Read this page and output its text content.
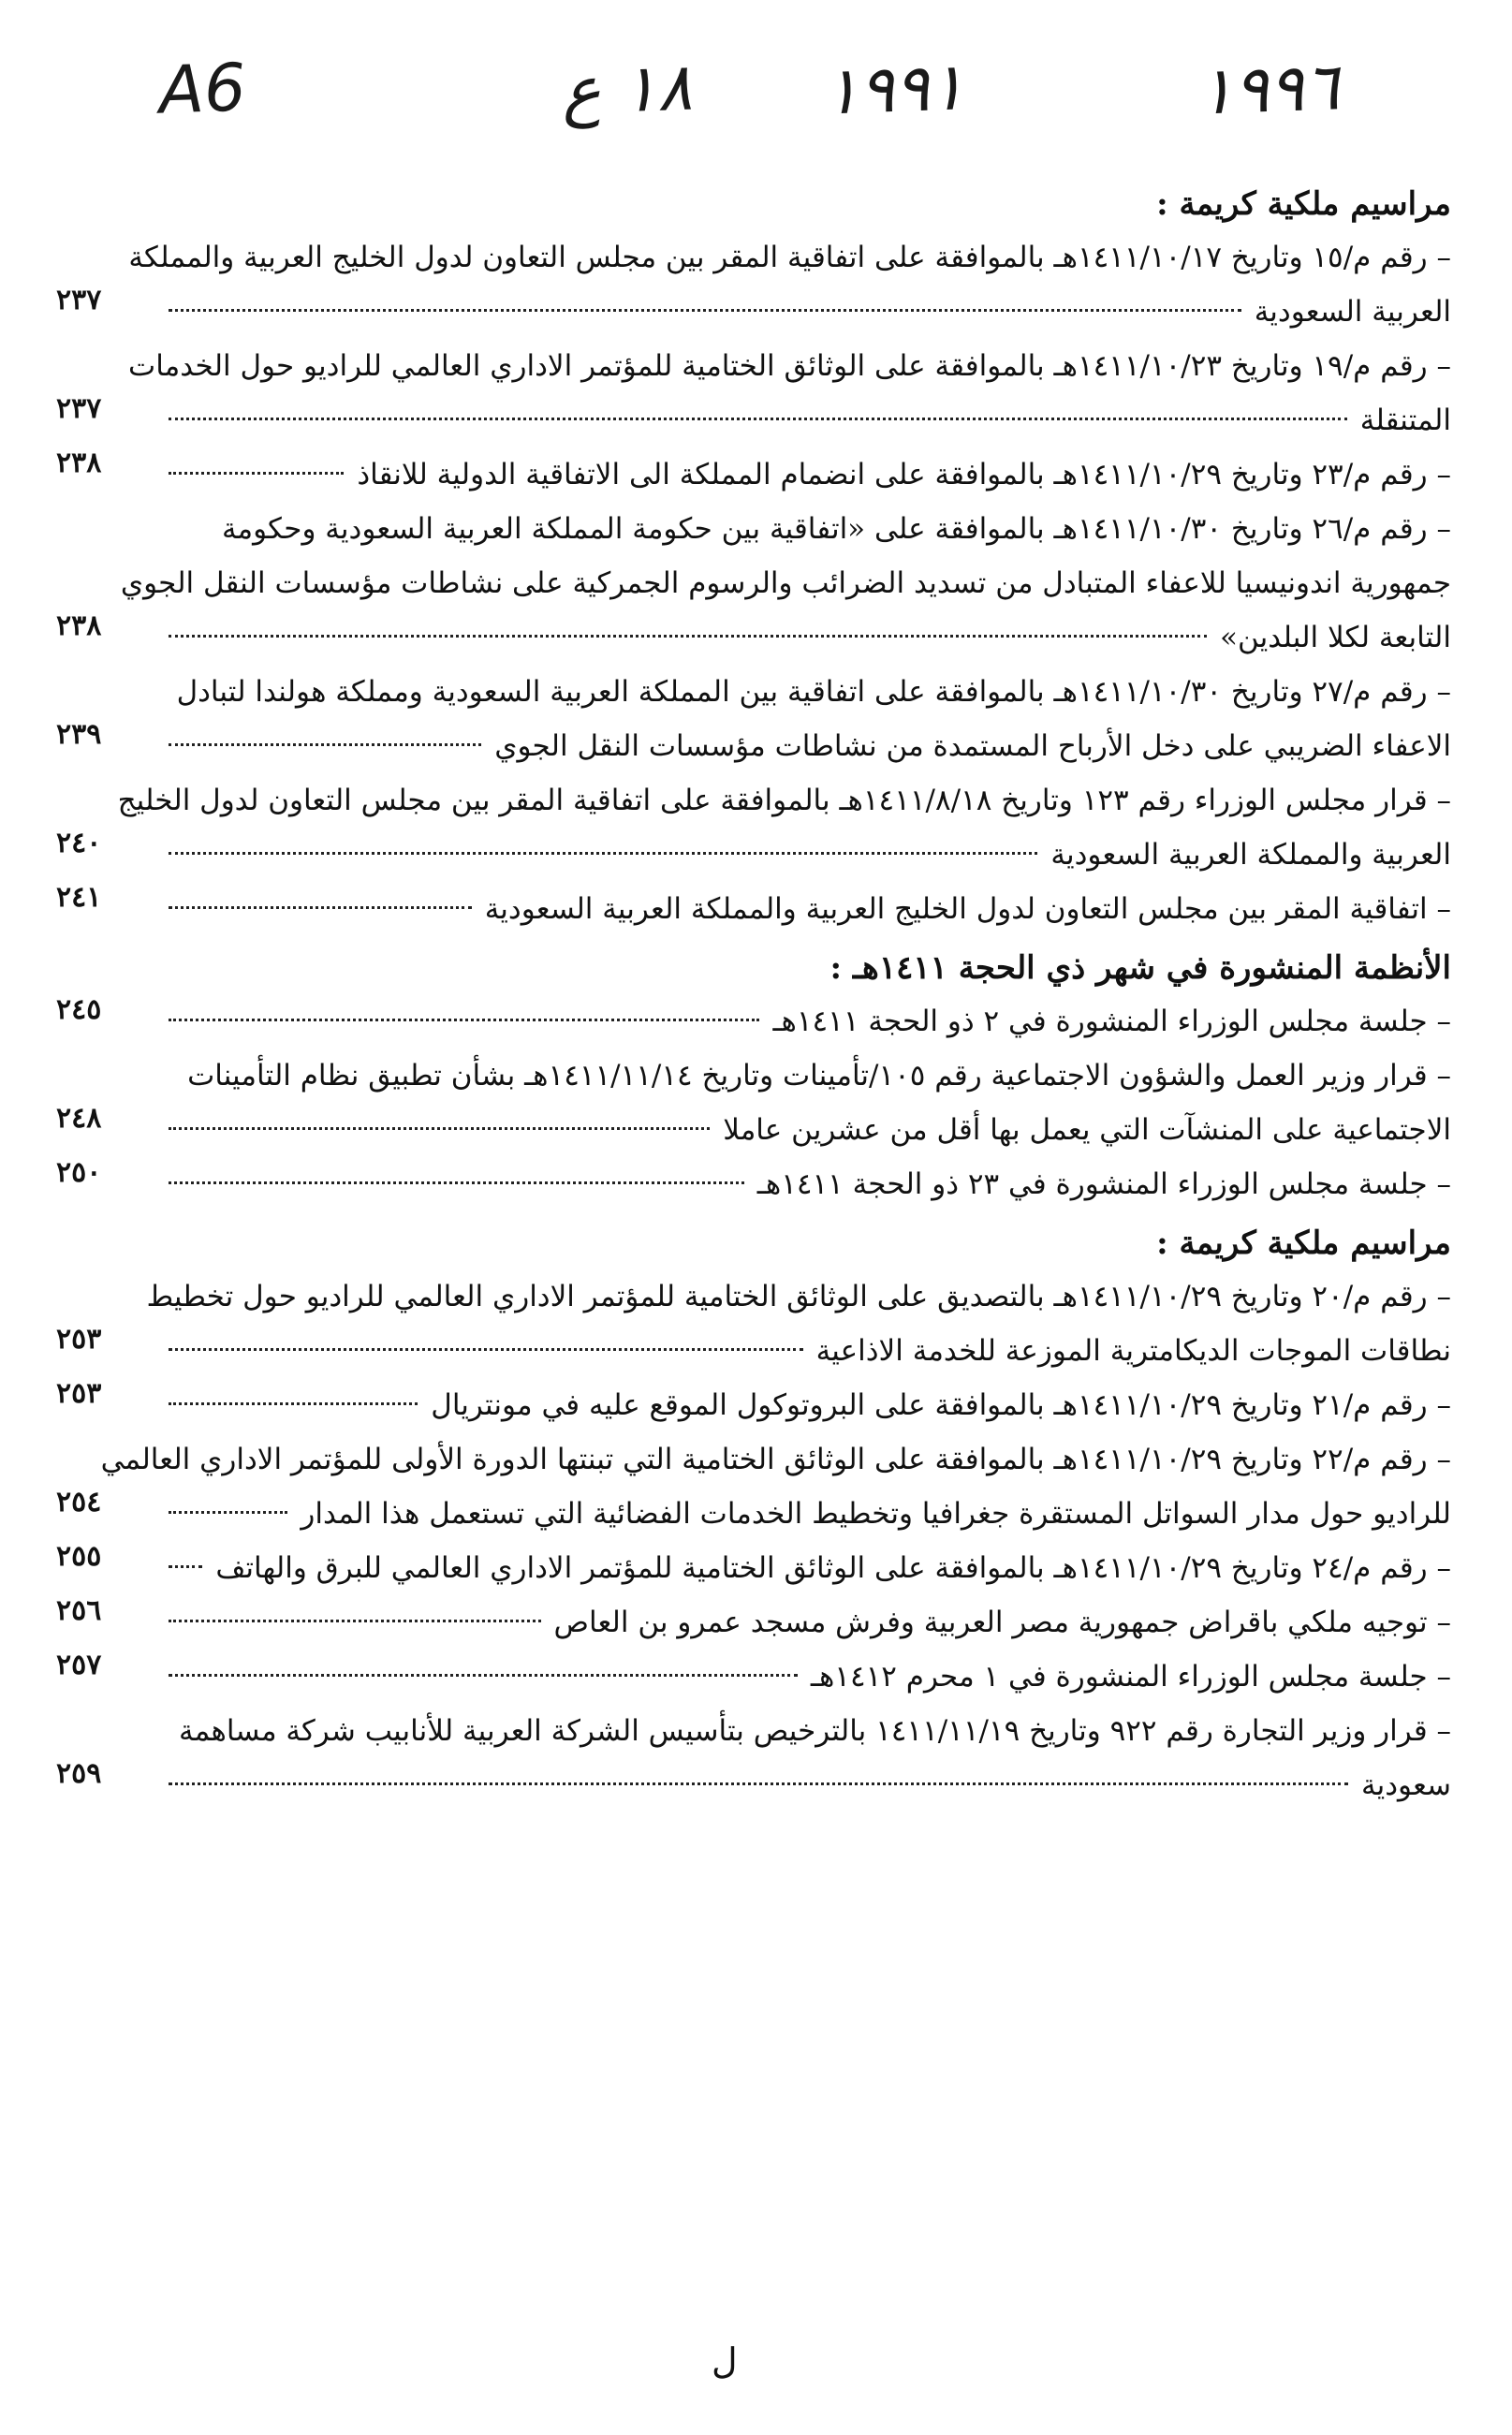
A6	١٨ ع ١٩٩١	١٩٩٦
مراسيم ملكية كريمة :
– رقم م/١٥ وتاريخ ١٤١١/١٠/١٧هـ بالموافقة على اتفاقية المقر بين مجلس التعاون لدول الخليج العربية والمملكة
العربية السعودية
٢٣٧
– رقم م/١٩ وتاريخ ١٤١١/١٠/٢٣هـ بالموافقة على الوثائق الختامية للمؤتمر الاداري العالمي للراديو حول الخدمات
المتنقلة
٢٣٧
– رقم م/٢٣ وتاريخ ١٤١١/١٠/٢٩هـ بالموافقة على انضمام المملكة الى الاتفاقية الدولية للانقاذ
٢٣٨
– رقم م/٢٦ وتاريخ ١٤١١/١٠/٣٠هـ بالموافقة على «اتفاقية بين حكومة المملكة العربية السعودية وحكومة
جمهورية اندونيسيا للاعفاء المتبادل من تسديد الضرائب والرسوم الجمركية على نشاطات مؤسسات النقل الجوي
التابعة لكلا البلدين»
٢٣٨
– رقم م/٢٧ وتاريخ ١٤١١/١٠/٣٠هـ بالموافقة على اتفاقية بين المملكة العربية السعودية ومملكة هولندا لتبادل
الاعفاء الضريبي على دخل الأرباح المستمدة من نشاطات مؤسسات النقل الجوي
٢٣٩
– قرار مجلس الوزراء رقم ١٢٣ وتاريخ ١٤١١/٨/١٨هـ بالموافقة على اتفاقية المقر بين مجلس التعاون لدول الخليج
العربية والمملكة العربية السعودية
٢٤٠
– اتفاقية المقر بين مجلس التعاون لدول الخليج العربية والمملكة العربية السعودية
٢٤١
الأنظمة المنشورة في شهر ذي الحجة ١٤١١هـ :
– جلسة مجلس الوزراء المنشورة في ٢ ذو الحجة ١٤١١هـ
٢٤٥
– قرار وزير العمل والشؤون الاجتماعية رقم ١٠٥/تأمينات وتاريخ ١٤١١/١١/١٤هـ بشأن تطبيق نظام التأمينات
الاجتماعية على المنشآت التي يعمل بها أقل من عشرين عاملا
٢٤٨
– جلسة مجلس الوزراء المنشورة في ٢٣ ذو الحجة ١٤١١هـ
٢٥٠
مراسيم ملكية كريمة :
– رقم م/٢٠ وتاريخ ١٤١١/١٠/٢٩هـ بالتصديق على الوثائق الختامية للمؤتمر الاداري العالمي للراديو حول تخطيط
نطاقات الموجات الديكامترية الموزعة للخدمة الاذاعية
٢٥٣
– رقم م/٢١ وتاريخ ١٤١١/١٠/٢٩هـ بالموافقة على البروتوكول الموقع عليه في مونتريال
٢٥٣
– رقم م/٢٢ وتاريخ ١٤١١/١٠/٢٩هـ بالموافقة على الوثائق الختامية التي تبنتها الدورة الأولى للمؤتمر الاداري العالمي
للراديو حول مدار السواتل المستقرة جغرافيا وتخطيط الخدمات الفضائية التي تستعمل هذا المدار
٢٥٤
– رقم م/٢٤ وتاريخ ١٤١١/١٠/٢٩هـ بالموافقة على الوثائق الختامية للمؤتمر الاداري العالمي للبرق والهاتف
٢٥٥
– توجيه ملكي باقراض جمهورية مصر العربية وفرش مسجد عمرو بن العاص
٢٥٦
– جلسة مجلس الوزراء المنشورة في ١ محرم ١٤١٢هـ
٢٥٧
– قرار وزير التجارة رقم ٩٢٢ وتاريخ ١٤١١/١١/١٩ بالترخيص بتأسيس الشركة العربية للأنابيب شركة مساهمة
سعودية
٢٥٩
ل
